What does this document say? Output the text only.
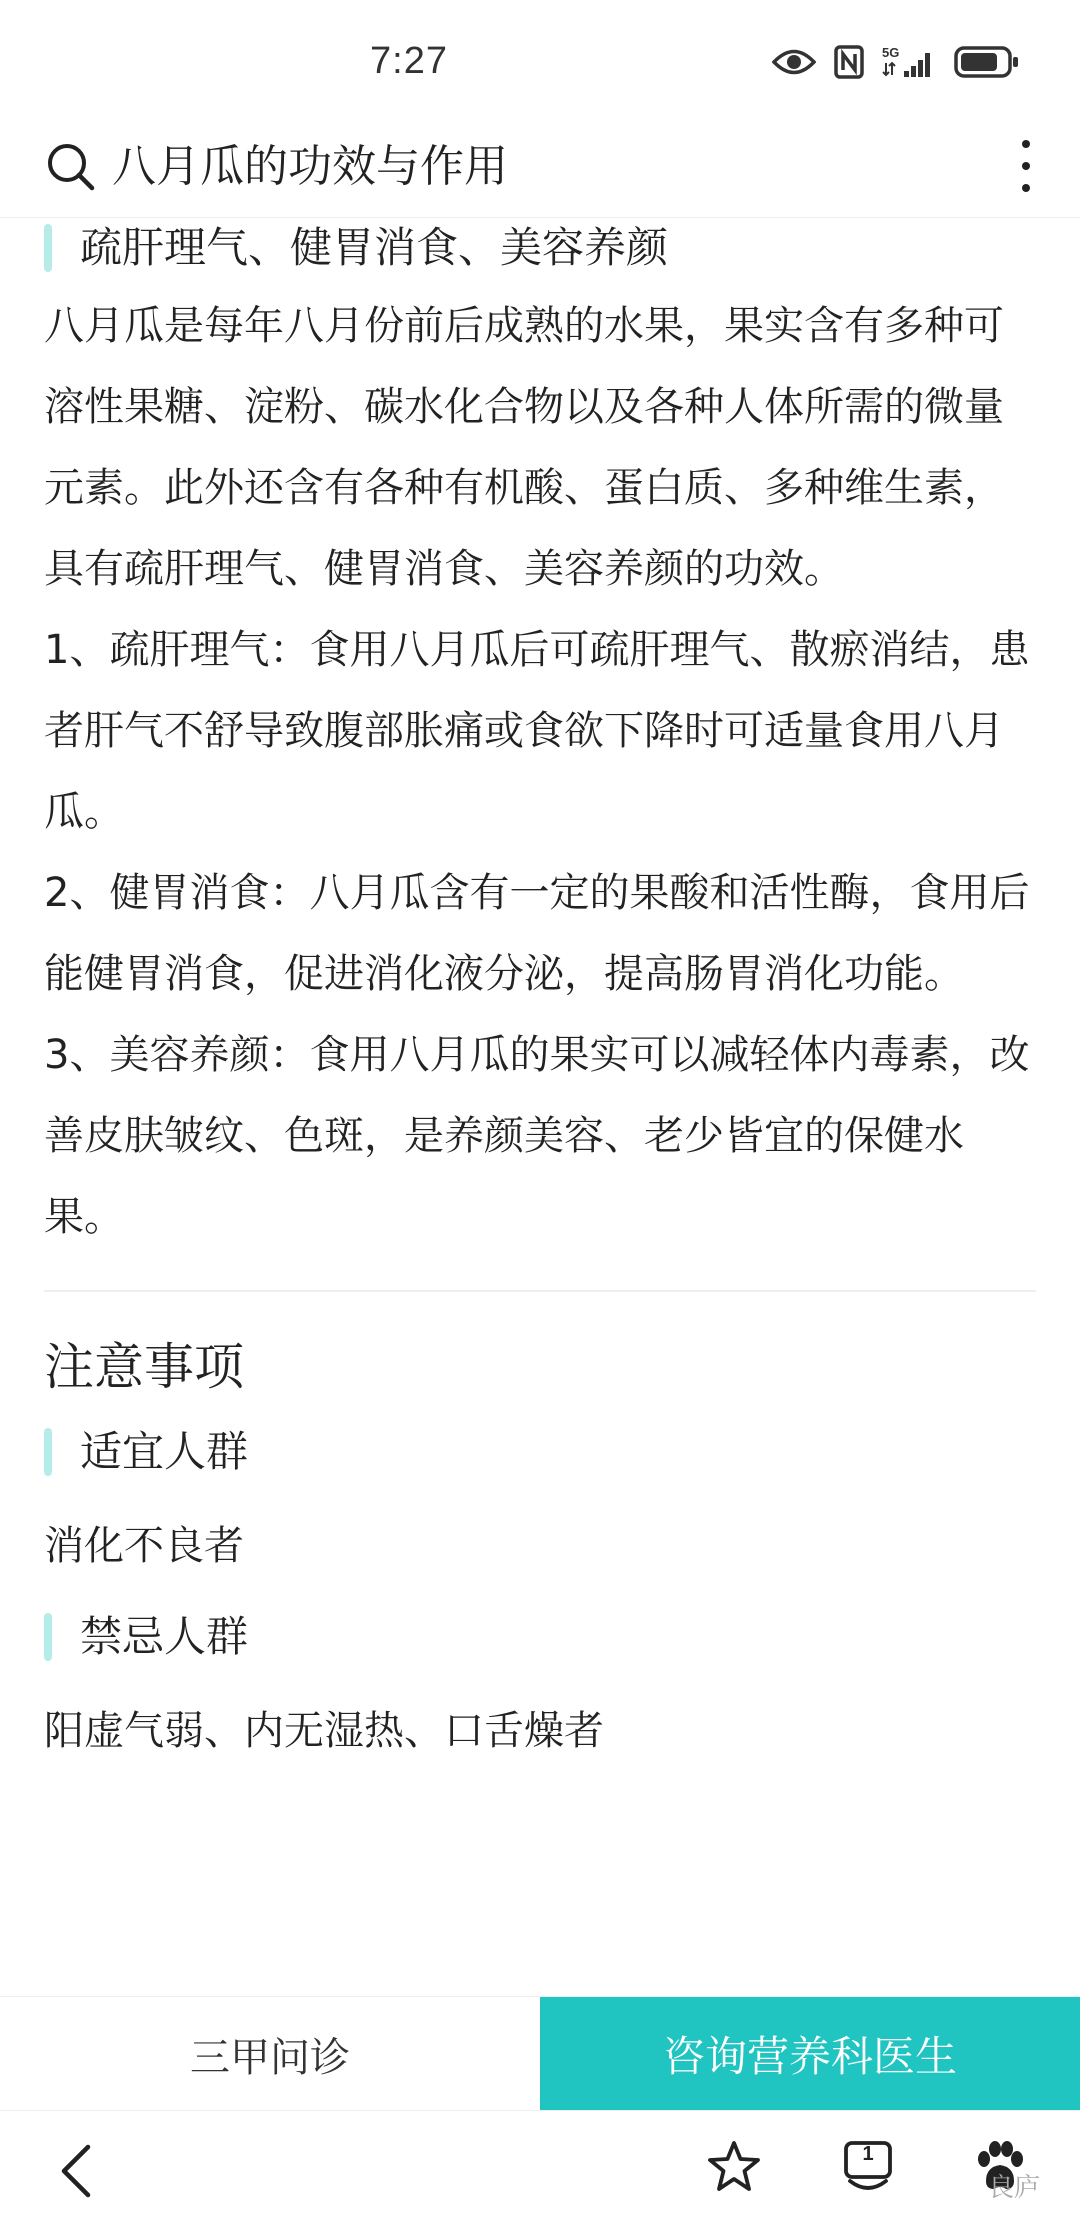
7:27	5G
八月瓜的功效与作用
疏肝理气、健胃消食、美容养颜

八月瓜是每年八月份前后成熟的水果，果实含有多种可溶性果糖、淀粉、碳水化合物以及各种人体所需的微量元素。此外还含有各种有机酸、蛋白质、多种维生素，具有疏肝理气、健胃消食、美容养颜的功效。

1、疏肝理气：食用八月瓜后可疏肝理气、散瘀消结，患者肝气不舒导致腹部胀痛或食欲下降时可适量食用八月瓜。

2、健胃消食：八月瓜含有一定的果酸和活性酶，食用后能健胃消食，促进消化液分泌，提高肠胃消化功能。

3、美容养颜：食用八月瓜的果实可以减轻体内毒素，改善皮肤皱纹、色斑，是养颜美容、老少皆宜的保健水果。

注意事项
适宜人群

消化不良者

禁忌人群

阳虚气弱、内无湿热、口舌燥者

三甲问诊	咨询营养科医生
1
良庐
